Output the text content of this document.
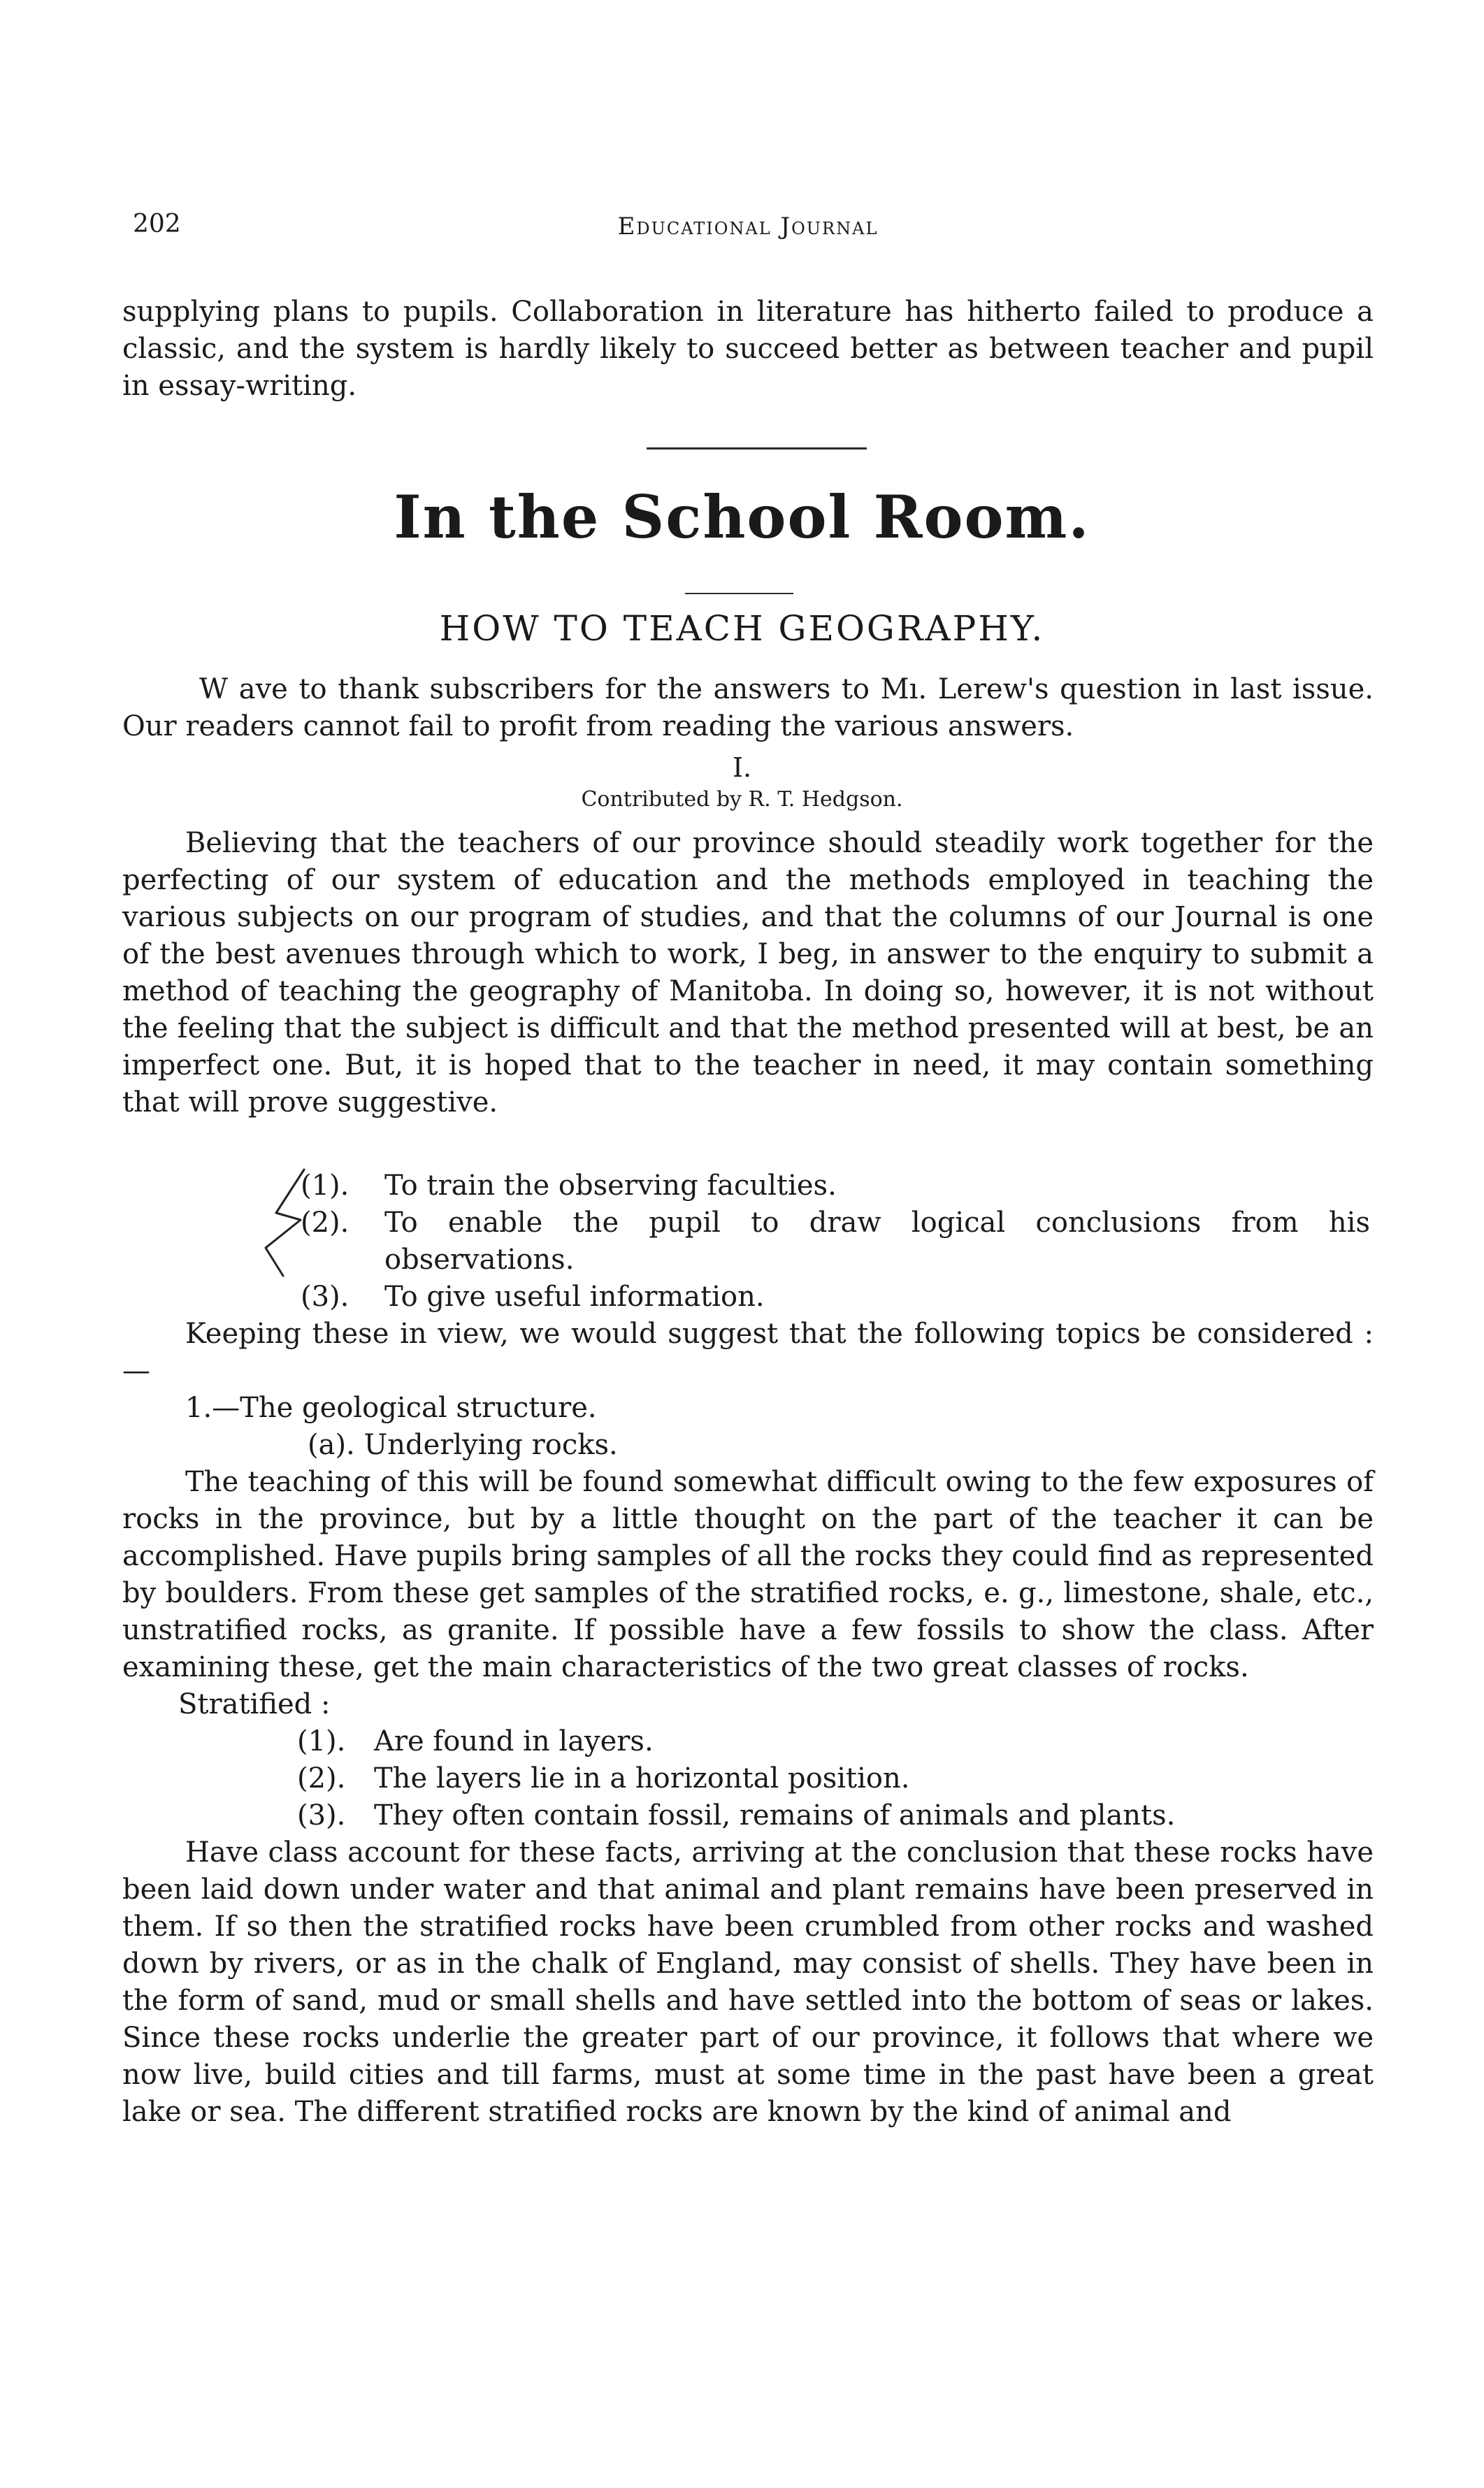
202	Educational Journal

supplying plans to pupils. Collaboration in literature has hitherto failed to produce a classic, and the system is hardly likely to succeed better as between teacher and pupil in essay-writing.

In the School Room.
HOW TO TEACH GEOGRAPHY.

W ave to thank subscribers for the answers to Mı. Lerew's question in last issue. Our readers cannot fail to profit from reading the various answers.

I.
Contributed by R. T. Hedgson.

Believing that the teachers of our province should steadily work together for the perfecting of our system of education and the methods employed in teaching the various subjects on our program of studies, and that the columns of our Journal is one of the best avenues through which to work, I beg, in answer to the enquiry to submit a method of teaching the geography of Manitoba. In doing so, however, it is not without the feeling that the subject is difficult and that the method presented will at best, be an imperfect one. But, it is hoped that to the teacher in need, it may contain something that will prove suggestive.

(1). To train the observing faculties.
(2). To enable the pupil to draw logical conclusions from his observations.
(3). To give useful information.

Keeping these in view, we would suggest that the following topics be considered :—

1.—The geological structure.

(a). Underlying rocks.

The teaching of this will be found somewhat difficult owing to the few exposures of rocks in the province, but by a little thought on the part of the teacher it can be accomplished. Have pupils bring samples of all the rocks they could find as represented by boulders. From these get samples of the stratified rocks, e. g., limestone, shale, etc., unstratified rocks, as granite. If possible have a few fossils to show the class. After examining these, get the main characteristics of the two great classes of rocks.

Stratified :

(1). Are found in layers.
(2). The layers lie in a horizontal position.
(3). They often contain fossil, remains of animals and plants.

Have class account for these facts, arriving at the conclusion that these rocks have been laid down under water and that animal and plant remains have been preserved in them. If so then the stratified rocks have been crumbled from other rocks and washed down by rivers, or as in the chalk of England, may consist of shells. They have been in the form of sand, mud or small shells and have settled into the bottom of seas or lakes. Since these rocks underlie the greater part of our province, it follows that where we now live, build cities and till farms, must at some time in the past have been a great lake or sea. The different stratified rocks are known by the kind of animal and
